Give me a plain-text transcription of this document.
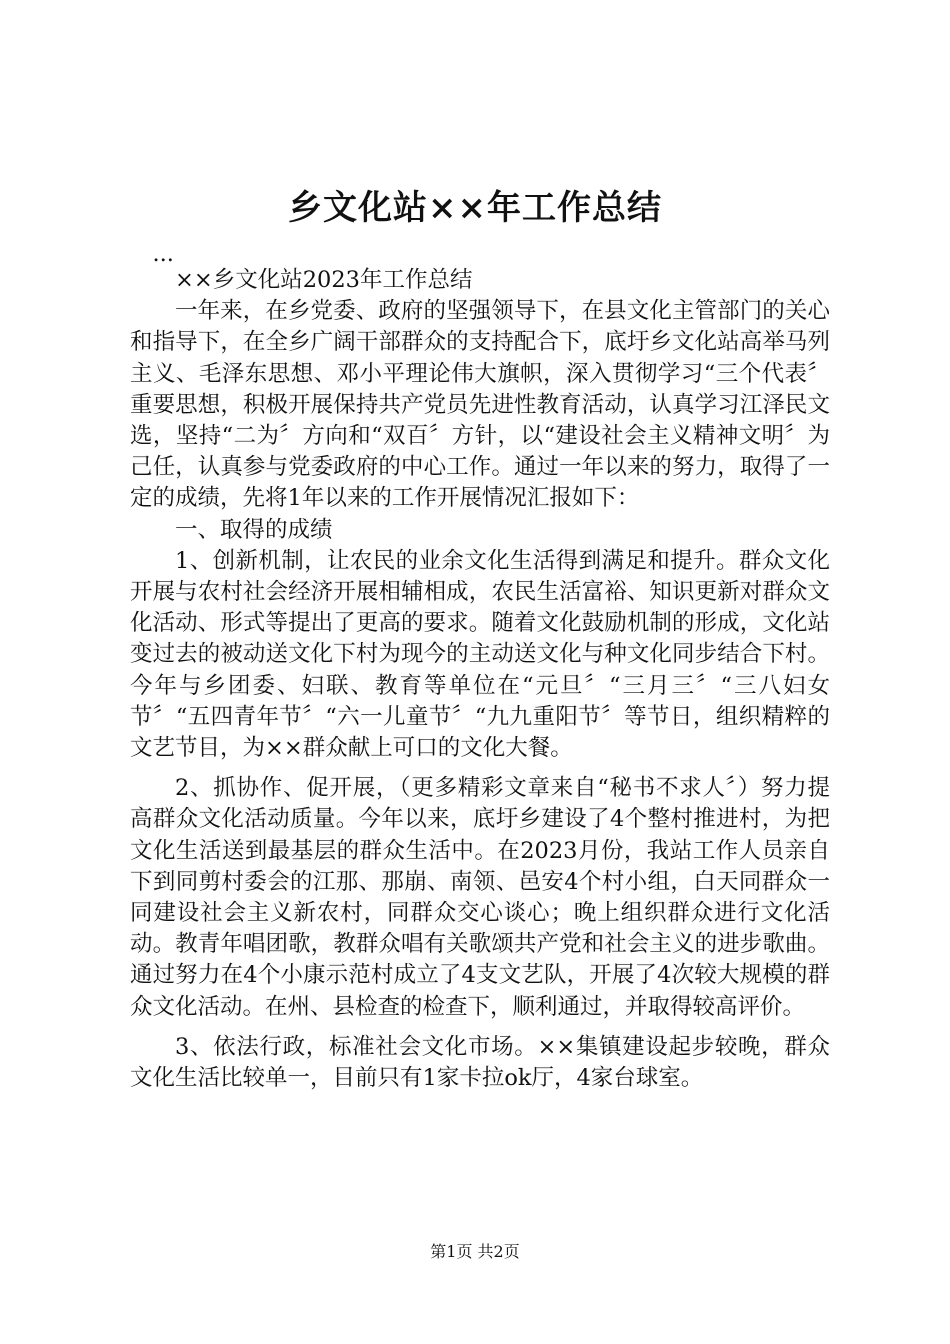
乡文化站××年工作总结

...

××乡文化站2023年工作总结

一年来，在乡党委、政府的坚强领导下，在县文化主管部门的关心和指导下，在全乡广阔干部群众的支持配合下，底圩乡文化站高举马列主义、毛泽东思想、邓小平理论伟大旗帜，深入贯彻学习“三个代表〞重要思想，积极开展保持共产党员先进性教育活动，认真学习江泽民文选，坚持“二为〞方向和“双百〞方针，以“建设社会主义精神文明〞为己任，认真参与党委政府的中心工作。通过一年以来的努力，取得了一定的成绩，先将1年以来的工作开展情况汇报如下：

一、取得的成绩

1、创新机制，让农民的业余文化生活得到满足和提升。群众文化开展与农村社会经济开展相辅相成，农民生活富裕、知识更新对群众文化活动、形式等提出了更高的要求。随着文化鼓励机制的形成，文化站变过去的被动送文化下村为现今的主动送文化与种文化同步结合下村。今年与乡团委、妇联、教育等单位在“元旦〞“三月三〞“三八妇女节〞“五四青年节〞“六一儿童节〞“九九重阳节〞等节日，组织精粹的文艺节目，为××群众献上可口的文化大餐。

2、抓协作、促开展，（更多精彩文章来自“秘书不求人〞）努力提高群众文化活动质量。今年以来，底圩乡建设了4个整村推进村，为把文化生活送到最基层的群众生活中。在2023月份，我站工作人员亲自下到同剪村委会的江那、那崩、南领、邑安4个村小组，白天同群众一同建设社会主义新农村，同群众交心谈心；晚上组织群众进行文化活动。教青年唱团歌，教群众唱有关歌颂共产党和社会主义的进步歌曲。通过努力在4个小康示范村成立了4支文艺队，开展了4次较大规模的群众文化活动。在州、县检查的检查下，顺利通过，并取得较高评价。

3、依法行政，标准社会文化市场。××集镇建设起步较晚，群众文化生活比较单一，目前只有1家卡拉ok厅，4家台球室。

第1页 共2页
